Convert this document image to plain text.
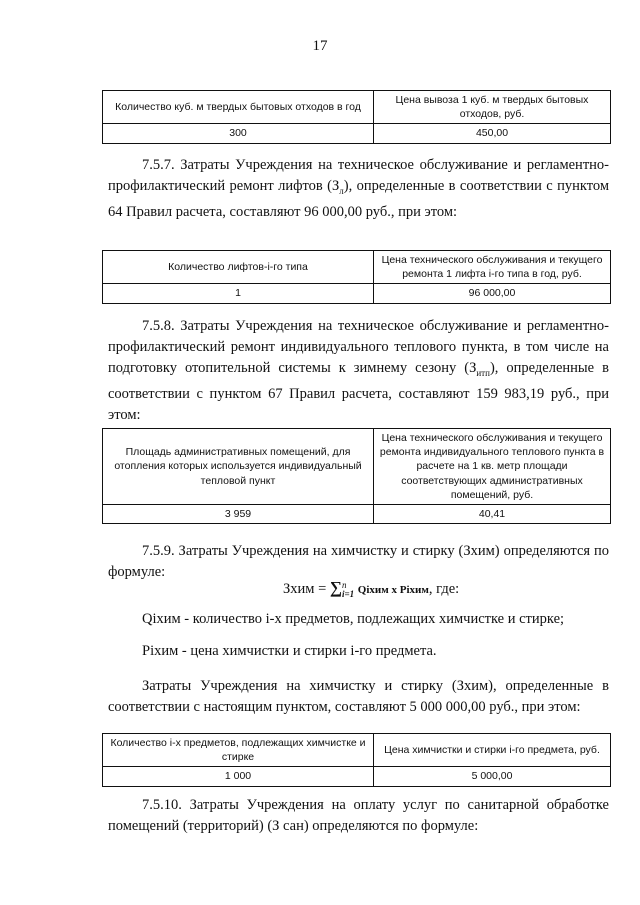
17
Количество куб. м твердых бытовых отходов в год	Цена вывоза 1 куб. м твердых бытовых отходов, руб.
300	450,00

7.5.7. Затраты Учреждения на техническое обслуживание и регламентно-профилактический ремонт лифтов $(З_л)$, определенные в соответствии с пунктом 64 Правил расчета, составляют 96 000,00 руб., при этом:

Количество лифтов-i-го типа	Цена технического обслуживания и текущего ремонта 1 лифта i-го типа в год, руб.
1	96 000,00

7.5.8. Затраты Учреждения на техническое обслуживание и регламентно-профилактический ремонт индивидуального теплового пункта, в том числе на подготовку отопительной системы к зимнему сезону $(З_{итп})$, определенные в соответствии с пунктом 67 Правил расчета, составляют 159 983,19 руб., при этом:

Площадь административных помещений, для отопления которых используется индивидуальный тепловой пункт	Цена технического обслуживания и текущего ремонта индивидуального теплового пункта в расчете на 1 кв. метр площади соответствующих административных помещений, руб.
3 959	40,41

7.5.9. Затраты Учреждения на химчистку и стирку (Зхим) определяются по формуле:

Зхим = ∑ n
i=1 Qiхим x Piхим, где:
Qiхим - количество i-х предметов, подлежащих химчистке и стирке;
Piхим - цена химчистки и стирки i-го предмета.

Затраты Учреждения на химчистку и стирку (Зхим), определенные в соответствии с настоящим пунктом, составляют 5 000 000,00 руб., при этом:

Количество i-х предметов, подлежащих химчистке и стирке	Цена химчистки и стирки i-го предмета, руб.
1 000	5 000,00

7.5.10. Затраты Учреждения на оплату услуг по санитарной обработке помещений (территорий) (З сан) определяются по формуле:
